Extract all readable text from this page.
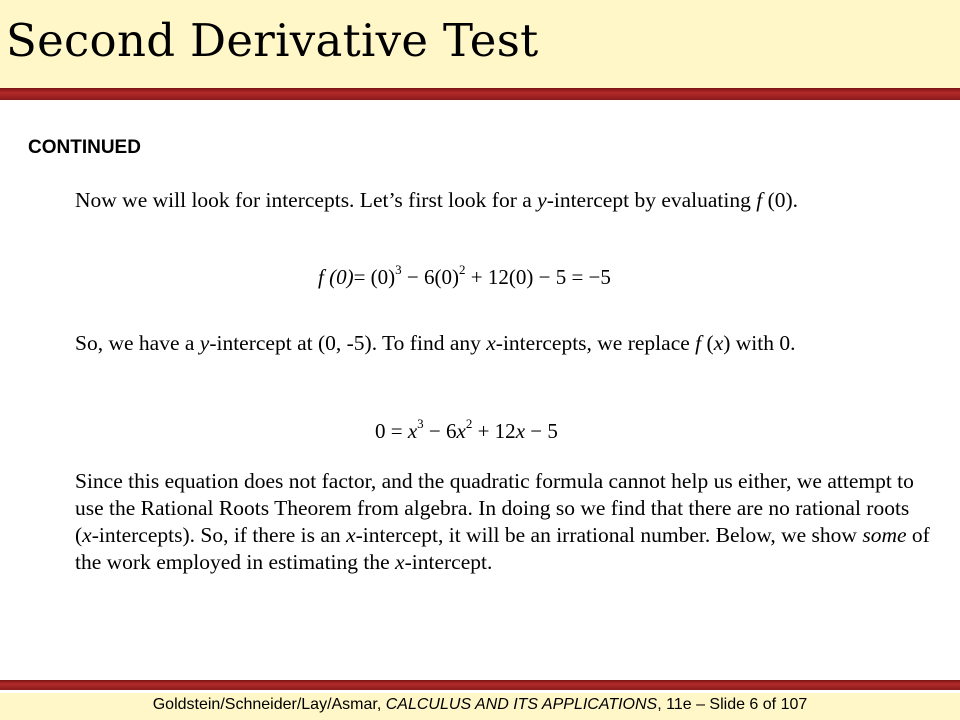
Second Derivative Test
CONTINUED

Now we will look for intercepts. Let’s first look for a y-intercept by evaluating f (0).

f $(0)= (0)^3 - 6(0)^2 + 12(0) - 5 = -5$

So, we have a y-intercept at (0, -5). To find any x-intercepts, we replace f (x) with 0.

$0 = x^3 - 6x^2 + 12x - 5$

Since this equation does not factor, and the quadratic formula cannot help us either, we attempt to use the Rational Roots Theorem from algebra. In doing so we find that there are no rational roots (x-intercepts). So, if there is an x-intercept, it will be an irrational number. Below, we show some of the work employed in estimating the x-intercept.

Goldstein/Schneider/Lay/Asmar, CALCULUS AND ITS APPLICATIONS, 11e – Slide 6 of 107
